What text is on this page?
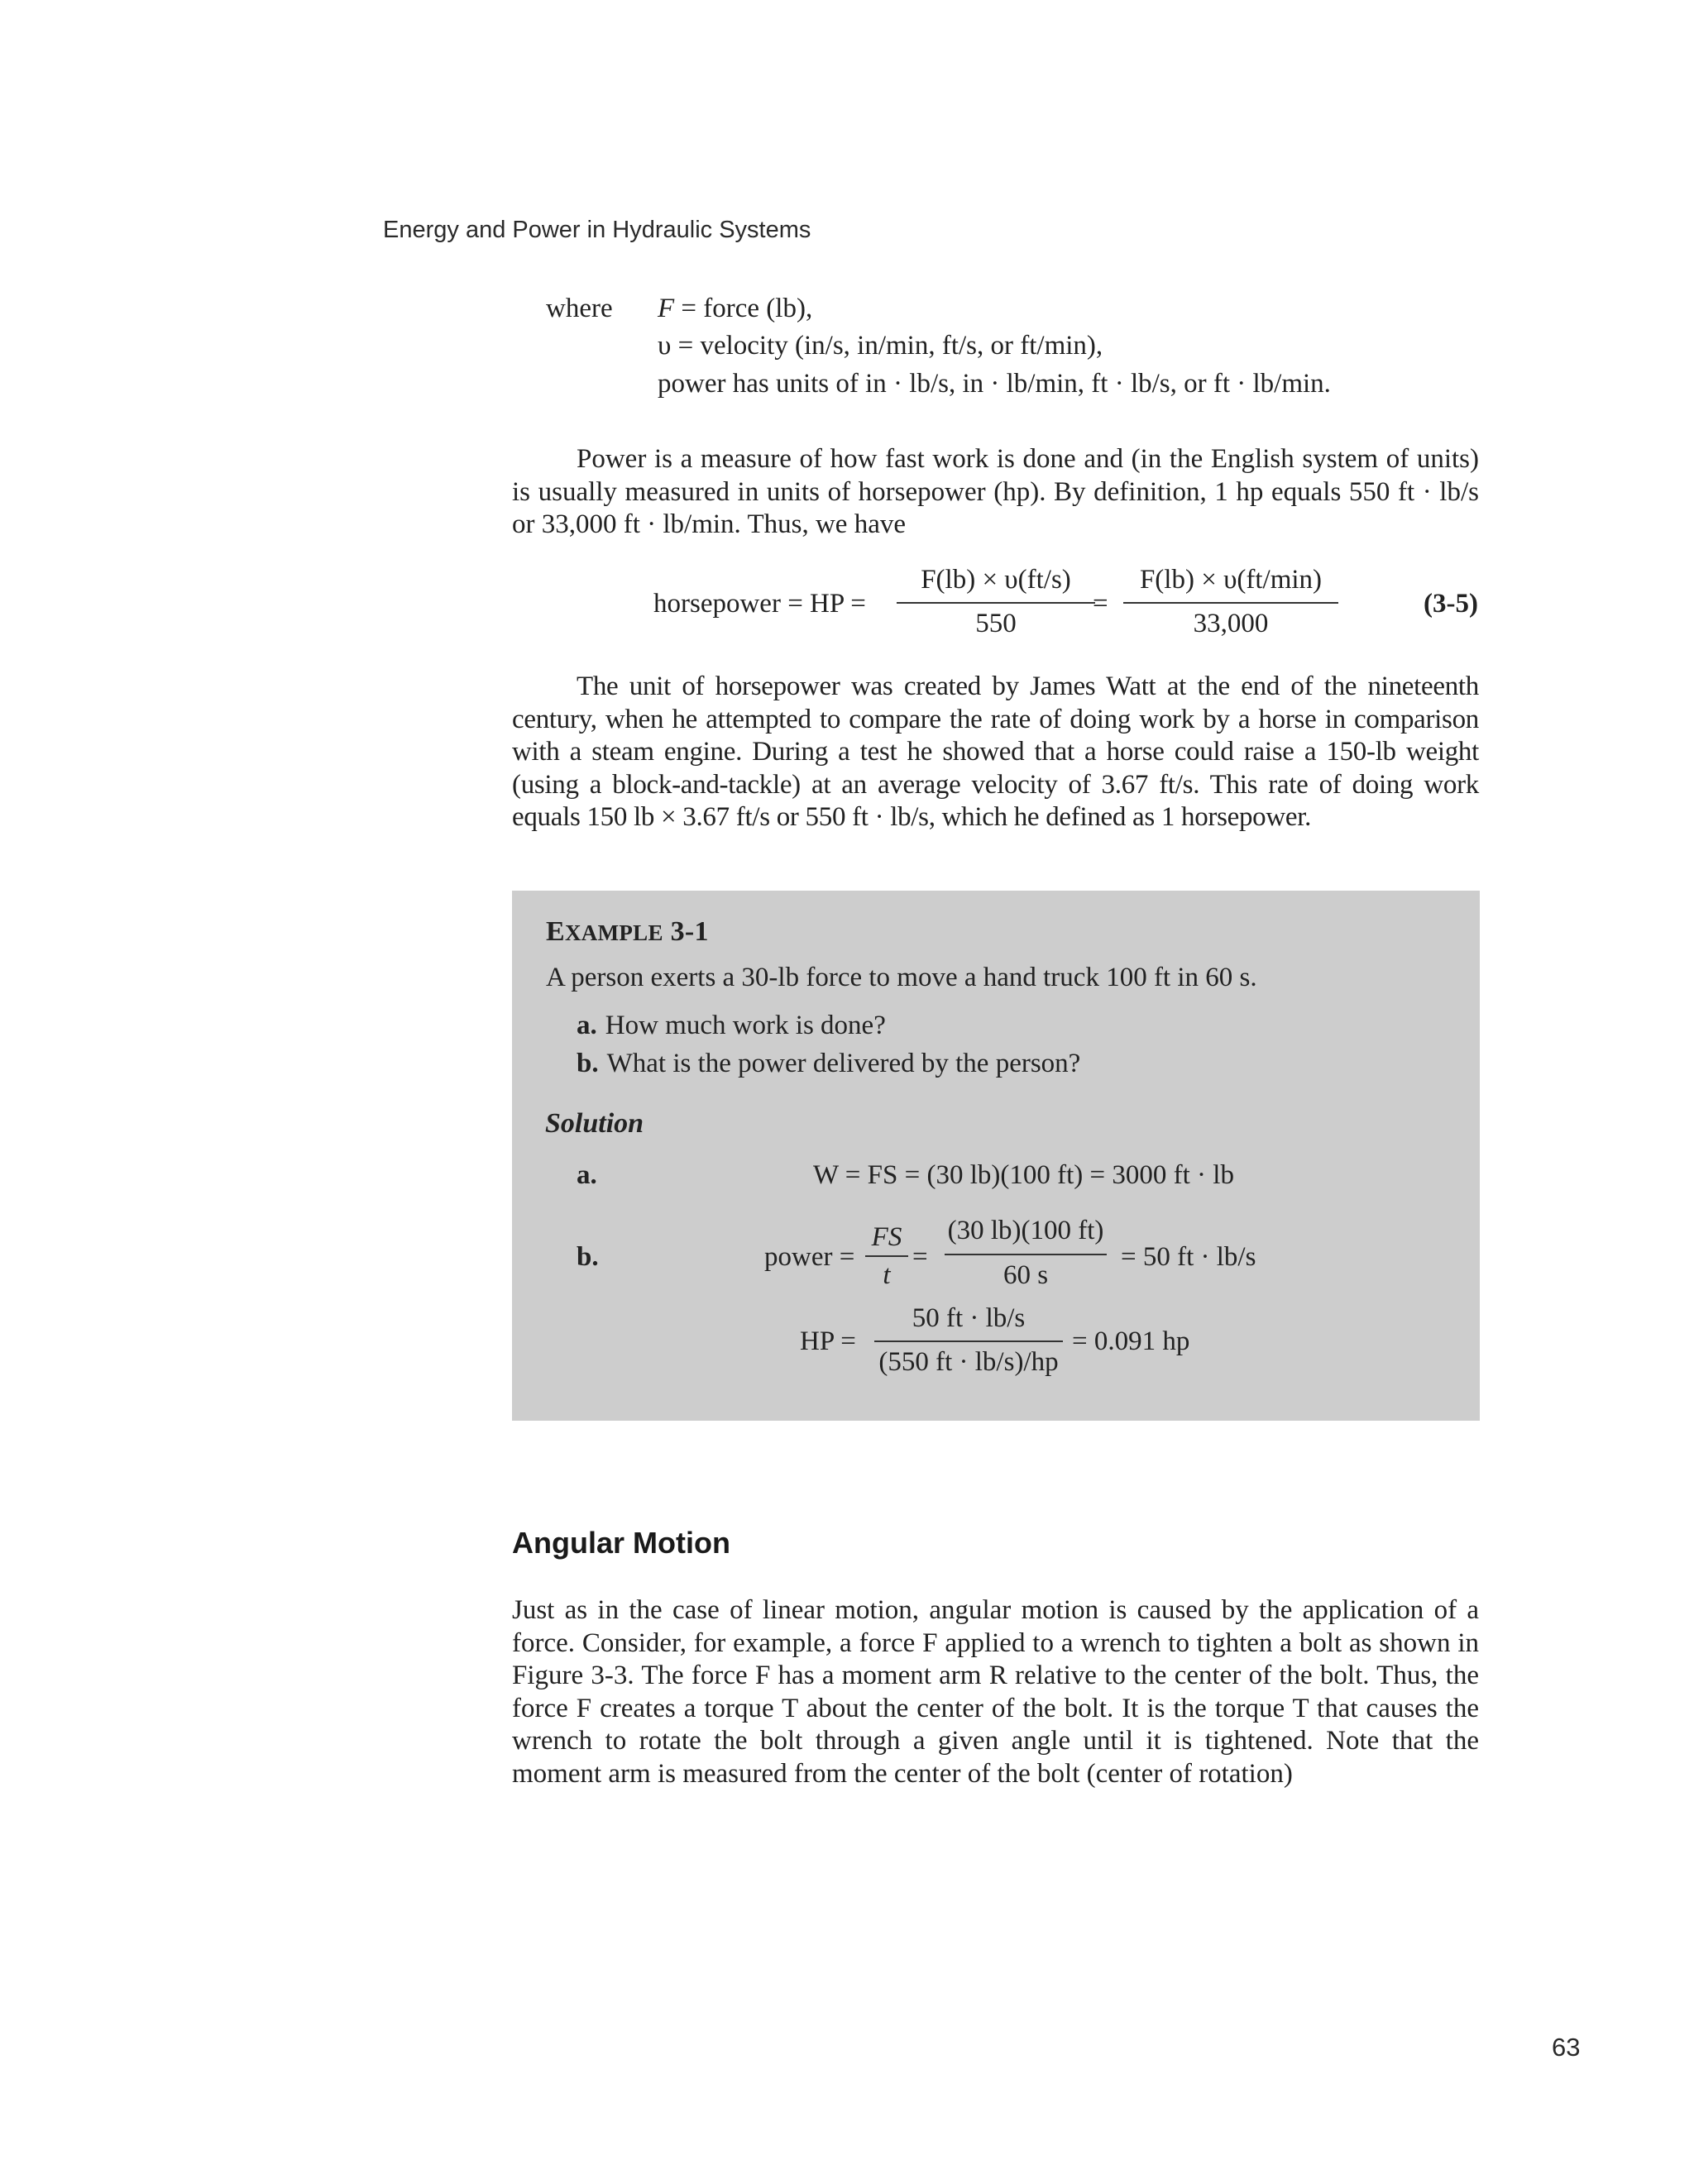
Energy and Power in Hydraulic Systems
where F = force (lb),
υ = velocity (in/s, in/min, ft/s, or ft/min),
power has units of in · lb/s, in · lb/min, ft · lb/s, or ft · lb/min.
Power is a measure of how fast work is done and (in the English system of units) is usually measured in units of horsepower (hp). By definition, 1 hp equals 550 ft · lb/s or 33,000 ft · lb/min. Thus, we have
horsepower = HP =
F(lb) × υ(ft/s)
550
=
F(lb) × υ(ft/min)
33,000
(3-5)
The unit of horsepower was created by James Watt at the end of the nineteenth century, when he attempted to compare the rate of doing work by a horse in comparison with a steam engine. During a test he showed that a horse could raise a 150-lb weight (using a block-and-tackle) at an average velocity of 3.67 ft/s. This rate of doing work equals 150 lb × 3.67 ft/s or 550 ft · lb/s, which he defined as 1 horsepower.
EXAMPLE 3-1
A person exerts a 30-lb force to move a hand truck 100 ft in 60 s.
a. How much work is done?
b. What is the power delivered by the person?
Solution
a.	W = FS = (30 lb)(100 ft) = 3000 ft · lb
b.	power =
FS
t
=
(30 lb)(100 ft)
60 s
= 50 ft · lb/s
HP =
50 ft · lb/s
(550 ft · lb/s)/hp
= 0.091 hp
Angular Motion
Just as in the case of linear motion, angular motion is caused by the application of a force. Consider, for example, a force F applied to a wrench to tighten a bolt as shown in Figure 3-3. The force F has a moment arm R relative to the center of the bolt. Thus, the force F creates a torque T about the center of the bolt. It is the torque T that causes the wrench to rotate the bolt through a given angle until it is tightened. Note that the moment arm is measured from the center of the bolt (center of rotation)
63
